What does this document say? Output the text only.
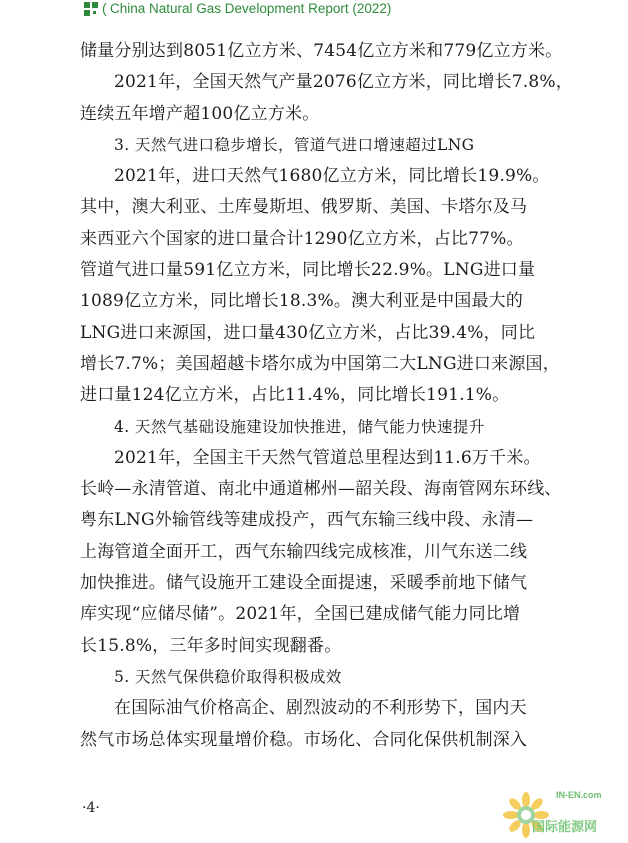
( China Natural Gas Development Report (2022)
储量分别达到8051亿立方米、7454亿立方米和779亿立方米。
2021年，全国天然气产量2076亿立方米，同比增长7.8%，
连续五年增产超100亿立方米。
3. 天然气进口稳步增长，管道气进口增速超过LNG
2021年，进口天然气1680亿立方米，同比增长19.9%。
其中，澳大利亚、土库曼斯坦、俄罗斯、美国、卡塔尔及马
来西亚六个国家的进口量合计1290亿立方米，占比77%。
管道气进口量591亿立方米，同比增长22.9%。LNG进口量
1089亿立方米，同比增长18.3%。澳大利亚是中国最大的
LNG进口来源国，进口量430亿立方米，占比39.4%，同比
增长7.7%；美国超越卡塔尔成为中国第二大LNG进口来源国，
进口量124亿立方米，占比11.4%，同比增长191.1%。
4. 天然气基础设施建设加快推进，储气能力快速提升
2021年，全国主干天然气管道总里程达到11.6万千米。
长岭—永清管道、南北中通道郴州—韶关段、海南管网东环线、
粤东LNG外输管线等建成投产，西气东输三线中段、永清—
上海管道全面开工，西气东输四线完成核准，川气东送二线
加快推进。储气设施开工建设全面提速，采暖季前地下储气
库实现“应储尽储”。2021年，全国已建成储气能力同比增
长15.8%，三年多时间实现翻番。
5. 天然气保供稳价取得积极成效
在国际油气价格高企、剧烈波动的不利形势下，国内天
然气市场总体实现量增价稳。市场化、合同化保供机制深入
·4·
IN-EN.com
国际能源网
